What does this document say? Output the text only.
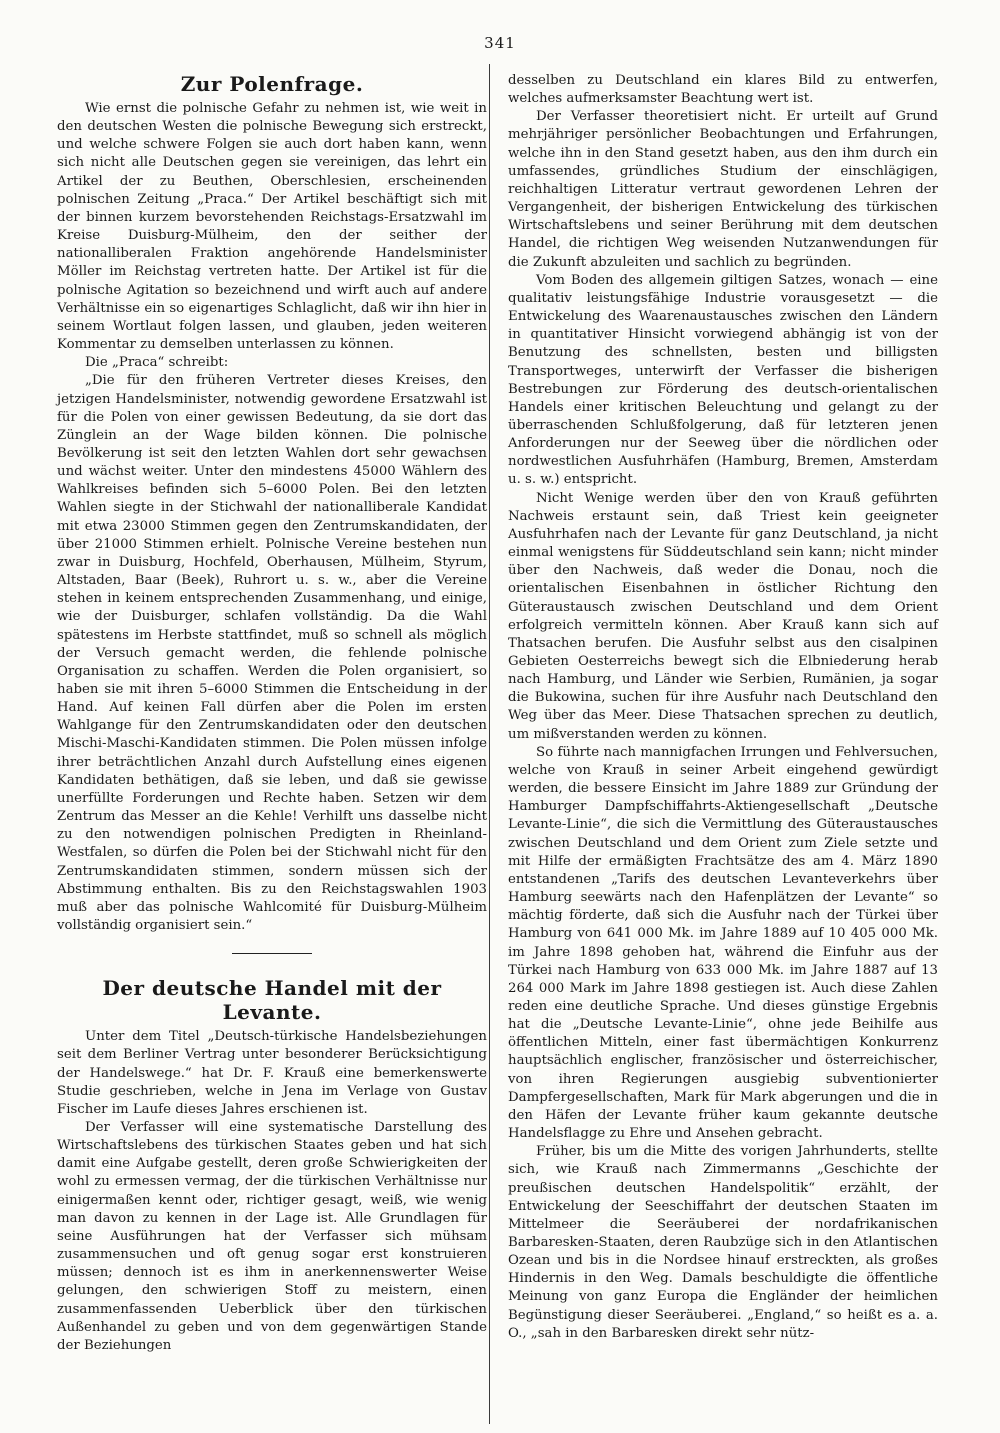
341
Zur Polenfrage.

Wie ernst die polnische Gefahr zu nehmen ist, wie weit in den deutschen Westen die polnische Bewegung sich erstreckt, und welche schwere Folgen sie auch dort haben kann, wenn sich nicht alle Deutschen gegen sie vereinigen, das lehrt ein Artikel der zu Beuthen, Oberschlesien, erscheinenden polnischen Zeitung „Praca.“ Der Artikel beschäftigt sich mit der binnen kurzem bevorstehenden Reichstags-Ersatzwahl im Kreise Duisburg-Mülheim, den der seither der nationalliberalen Fraktion angehörende Handelsminister Möller im Reichstag vertreten hatte. Der Artikel ist für die polnische Agitation so bezeichnend und wirft auch auf andere Verhältnisse ein so eigenartiges Schlaglicht, daß wir ihn hier in seinem Wortlaut folgen lassen, und glauben, jeden weiteren Kommentar zu demselben unterlassen zu können.

Die „Praca“ schreibt:

„Die für den früheren Vertreter dieses Kreises, den jetzigen Handelsminister, notwendig gewordene Ersatzwahl ist für die Polen von einer gewissen Bedeutung, da sie dort das Zünglein an der Wage bilden können. Die polnische Bevölkerung ist seit den letzten Wahlen dort sehr gewachsen und wächst weiter. Unter den mindestens 45000 Wählern des Wahlkreises befinden sich 5–6000 Polen. Bei den letzten Wahlen siegte in der Stichwahl der nationalliberale Kandidat mit etwa 23000 Stimmen gegen den Zentrumskandidaten, der über 21000 Stimmen erhielt. Polnische Vereine bestehen nun zwar in Duisburg, Hochfeld, Oberhausen, Mülheim, Styrum, Altstaden, Baar (Beek), Ruhrort u. s. w., aber die Vereine stehen in keinem entsprechenden Zusammenhang, und einige, wie der Duisburger, schlafen vollständig. Da die Wahl spätestens im Herbste stattfindet, muß so schnell als möglich der Versuch gemacht werden, die fehlende polnische Organisation zu schaffen. Werden die Polen organisiert, so haben sie mit ihren 5–6000 Stimmen die Entscheidung in der Hand. Auf keinen Fall dürfen aber die Polen im ersten Wahlgange für den Zentrumskandidaten oder den deutschen Mischi-Maschi-Kandidaten stimmen. Die Polen müssen infolge ihrer beträchtlichen Anzahl durch Aufstellung eines eigenen Kandidaten bethätigen, daß sie leben, und daß sie gewisse unerfüllte Forderungen und Rechte haben. Setzen wir dem Zentrum das Messer an die Kehle! Verhilft uns dasselbe nicht zu den notwendigen polnischen Predigten in Rheinland-Westfalen, so dürfen die Polen bei der Stichwahl nicht für den Zentrumskandidaten stimmen, sondern müssen sich der Abstimmung enthalten. Bis zu den Reichstagswahlen 1903 muß aber das polnische Wahlcomité für Duisburg-Mülheim vollständig organisiert sein.“

Der deutsche Handel mit der Levante.

Unter dem Titel „Deutsch-türkische Handelsbeziehungen seit dem Berliner Vertrag unter besonderer Berücksichtigung der Handelswege.“ hat Dr. F. Krauß eine bemerkenswerte Studie geschrieben, welche in Jena im Verlage von Gustav Fischer im Laufe dieses Jahres erschienen ist.

Der Verfasser will eine systematische Darstellung des Wirtschaftslebens des türkischen Staates geben und hat sich damit eine Aufgabe gestellt, deren große Schwierigkeiten der wohl zu ermessen vermag, der die türkischen Verhältnisse nur einigermaßen kennt oder, richtiger gesagt, weiß, wie wenig man davon zu kennen in der Lage ist. Alle Grundlagen für seine Ausführungen hat der Verfasser sich mühsam zusammensuchen und oft genug sogar erst konstruieren müssen; dennoch ist es ihm in anerkennenswerter Weise gelungen, den schwierigen Stoff zu meistern, einen zusammenfassenden Ueberblick über den türkischen Außenhandel zu geben und von dem gegenwärtigen Stande der Beziehungen

desselben zu Deutschland ein klares Bild zu entwerfen, welches aufmerksamster Beachtung wert ist.

Der Verfasser theoretisiert nicht. Er urteilt auf Grund mehrjähriger persönlicher Beobachtungen und Erfahrungen, welche ihn in den Stand gesetzt haben, aus den ihm durch ein umfassendes, gründliches Studium der einschlägigen, reichhaltigen Litteratur vertraut gewordenen Lehren der Vergangenheit, der bisherigen Entwickelung des türkischen Wirtschaftslebens und seiner Berührung mit dem deutschen Handel, die richtigen Weg weisenden Nutzanwendungen für die Zukunft abzuleiten und sachlich zu begründen.

Vom Boden des allgemein giltigen Satzes, wonach — eine qualitativ leistungsfähige Industrie vorausgesetzt — die Entwickelung des Waarenaustausches zwischen den Ländern in quantitativer Hinsicht vorwiegend abhängig ist von der Benutzung des schnellsten, besten und billigsten Transportweges, unterwirft der Verfasser die bisherigen Bestrebungen zur Förderung des deutsch-orientalischen Handels einer kritischen Beleuchtung und gelangt zu der überraschenden Schlußfolgerung, daß für letzteren jenen Anforderungen nur der Seeweg über die nördlichen oder nordwestlichen Ausfuhrhäfen (Hamburg, Bremen, Amsterdam u. s. w.) entspricht.

Nicht Wenige werden über den von Krauß geführten Nachweis erstaunt sein, daß Triest kein geeigneter Ausfuhrhafen nach der Levante für ganz Deutschland, ja nicht einmal wenigstens für Süddeutschland sein kann; nicht minder über den Nachweis, daß weder die Donau, noch die orientalischen Eisenbahnen in östlicher Richtung den Güteraustausch zwischen Deutschland und dem Orient erfolgreich vermitteln können. Aber Krauß kann sich auf Thatsachen berufen. Die Ausfuhr selbst aus den cisalpinen Gebieten Oesterreichs bewegt sich die Elbniederung herab nach Hamburg, und Länder wie Serbien, Rumänien, ja sogar die Bukowina, suchen für ihre Ausfuhr nach Deutschland den Weg über das Meer. Diese Thatsachen sprechen zu deutlich, um mißverstanden werden zu können.

So führte nach mannigfachen Irrungen und Fehlversuchen, welche von Krauß in seiner Arbeit eingehend gewürdigt werden, die bessere Einsicht im Jahre 1889 zur Gründung der Hamburger Dampfschiffahrts-Aktiengesellschaft „Deutsche Levante-Linie“, die sich die Vermittlung des Güteraustausches zwischen Deutschland und dem Orient zum Ziele setzte und mit Hilfe der ermäßigten Frachtsätze des am 4. März 1890 entstandenen „Tarifs des deutschen Levanteverkehrs über Hamburg seewärts nach den Hafenplätzen der Levante“ so mächtig förderte, daß sich die Ausfuhr nach der Türkei über Hamburg von 641 000 Mk. im Jahre 1889 auf 10 405 000 Mk. im Jahre 1898 gehoben hat, während die Einfuhr aus der Türkei nach Hamburg von 633 000 Mk. im Jahre 1887 auf 13 264 000 Mark im Jahre 1898 gestiegen ist. Auch diese Zahlen reden eine deutliche Sprache. Und dieses günstige Ergebnis hat die „Deutsche Levante-Linie“, ohne jede Beihilfe aus öffentlichen Mitteln, einer fast übermächtigen Konkurrenz hauptsächlich englischer, französischer und österreichischer, von ihren Regierungen ausgiebig subventionierter Dampfergesellschaften, Mark für Mark abgerungen und die in den Häfen der Levante früher kaum gekannte deutsche Handelsflagge zu Ehre und Ansehen gebracht.

Früher, bis um die Mitte des vorigen Jahrhunderts, stellte sich, wie Krauß nach Zimmermanns „Geschichte der preußischen deutschen Handelspolitik“ erzählt, der Entwickelung der Seeschiffahrt der deutschen Staaten im Mittelmeer die Seeräuberei der nordafrikanischen Barbaresken-Staaten, deren Raubzüge sich in den Atlantischen Ozean und bis in die Nordsee hinauf erstreckten, als großes Hindernis in den Weg. Damals beschuldigte die öffentliche Meinung von ganz Europa die Engländer der heimlichen Begünstigung dieser Seeräuberei. „England,“ so heißt es a. a. O., „sah in den Barbaresken direkt sehr nütz-
